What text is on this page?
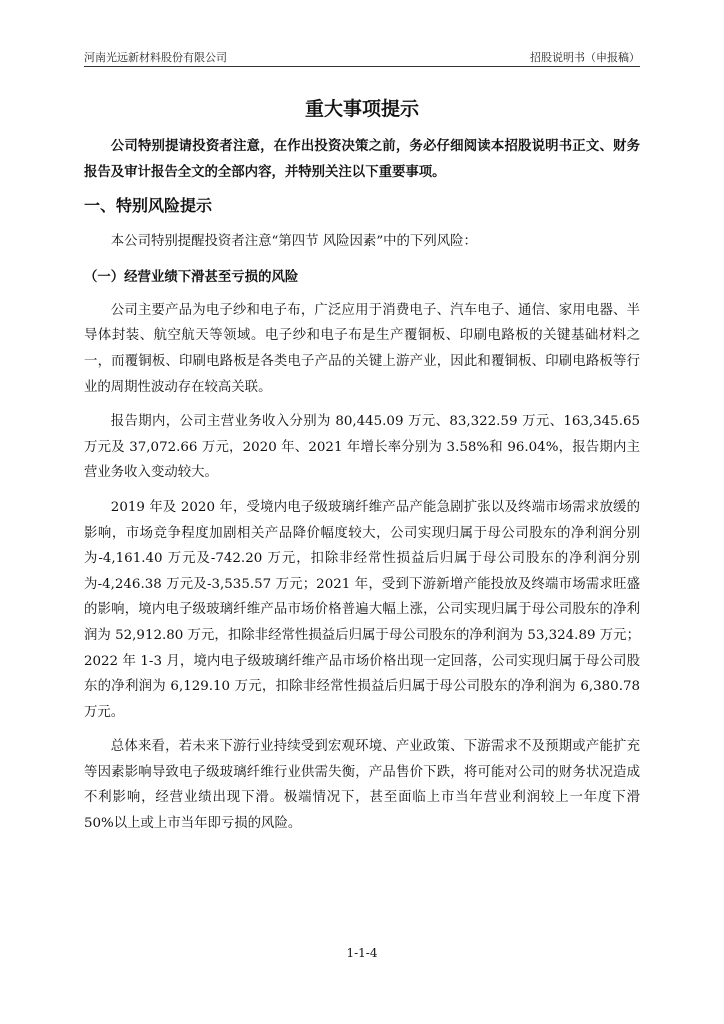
河南光远新材料股份有限公司	招股说明书（申报稿）
重大事项提示

公司特别提请投资者注意，在作出投资决策之前，务必仔细阅读本招股说明书正文、财务报告及审计报告全文的全部内容，并特别关注以下重要事项。

一、特别风险提示

本公司特别提醒投资者注意“第四节 风险因素”中的下列风险：

（一）经营业绩下滑甚至亏损的风险

公司主要产品为电子纱和电子布，广泛应用于消费电子、汽车电子、通信、家用电器、半导体封装、航空航天等领域。电子纱和电子布是生产覆铜板、印刷电路板的关键基础材料之一，而覆铜板、印刷电路板是各类电子产品的关键上游产业，因此和覆铜板、印刷电路板等行业的周期性波动存在较高关联。

报告期内，公司主营业务收入分别为 80,445.09 万元、83,322.59 万元、163,345.65 万元及 37,072.66 万元，2020 年、2021 年增长率分别为 3.58%和 96.04%，报告期内主营业务收入变动较大。

2019 年及 2020 年，受境内电子级玻璃纤维产品产能急剧扩张以及终端市场需求放缓的影响，市场竞争程度加剧相关产品降价幅度较大，公司实现归属于母公司股东的净利润分别为-4,161.40 万元及-742.20 万元，扣除非经常性损益后归属于母公司股东的净利润分别为-4,246.38 万元及-3,535.57 万元；2021 年，受到下游新增产能投放及终端市场需求旺盛的影响，境内电子级玻璃纤维产品市场价格普遍大幅上涨，公司实现归属于母公司股东的净利润为 52,912.80 万元，扣除非经常性损益后归属于母公司股东的净利润为 53,324.89 万元；2022 年 1-3 月，境内电子级玻璃纤维产品市场价格出现一定回落，公司实现归属于母公司股东的净利润为 6,129.10 万元，扣除非经常性损益后归属于母公司股东的净利润为 6,380.78 万元。

总体来看，若未来下游行业持续受到宏观环境、产业政策、下游需求不及预期或产能扩充等因素影响导致电子级玻璃纤维行业供需失衡，产品售价下跌，将可能对公司的财务状况造成不利影响，经营业绩出现下滑。极端情况下，甚至面临上市当年营业利润较上一年度下滑 50%以上或上市当年即亏损的风险。

1-1-4
